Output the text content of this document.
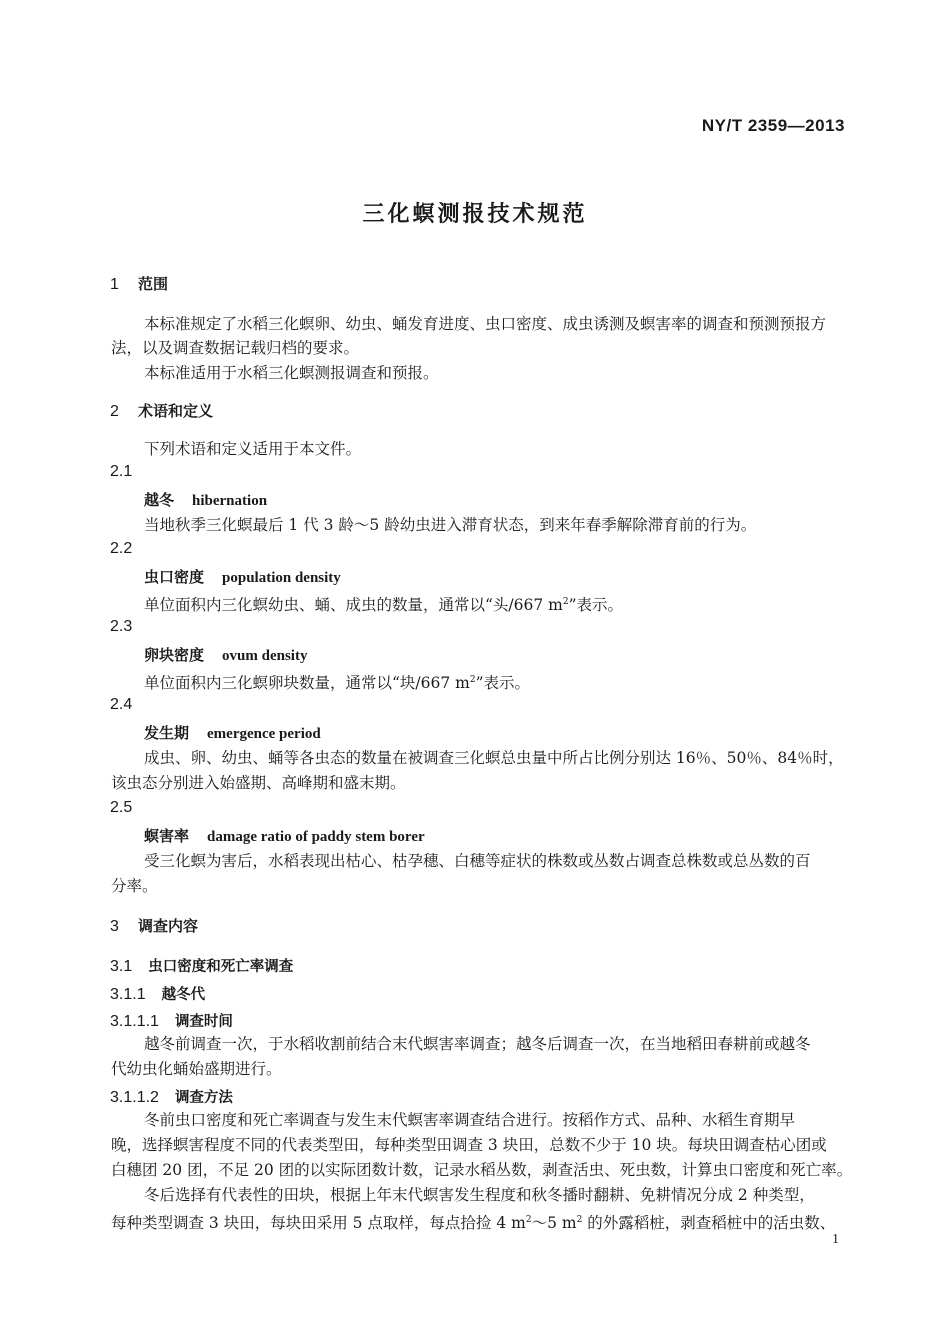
NY/T 2359—2013
三化螟测报技术规范
1 范围
本标准规定了水稻三化螟卵、幼虫、蛹发育进度、虫口密度、成虫诱测及螟害率的调查和预测预报方
法，以及调查数据记载归档的要求。
本标准适用于水稻三化螟测报调查和预报。
2 术语和定义
下列术语和定义适用于本文件。
2.1
越冬 hibernation
当地秋季三化螟最后 1 代 3 龄～5 龄幼虫进入滞育状态，到来年春季解除滞育前的行为。
2.2
虫口密度 population density
单位面积内三化螟幼虫、蛹、成虫的数量，通常以“头/667 $m^2$”表示。
2.3
卵块密度 ovum density
单位面积内三化螟卵块数量，通常以“块/667 $m^2$”表示。
2.4
发生期 emergence period
成虫、卵、幼虫、蛹等各虫态的数量在被调查三化螟总虫量中所占比例分别达 16％、50％、84％时，
该虫态分别进入始盛期、高峰期和盛末期。
2.5
螟害率 damage ratio of paddy stem borer
受三化螟为害后，水稻表现出枯心、枯孕穗、白穗等症状的株数或丛数占调查总株数或总丛数的百
分率。
3 调查内容
3.1 虫口密度和死亡率调查
3.1.1 越冬代
3.1.1.1 调查时间
越冬前调查一次，于水稻收割前结合末代螟害率调查；越冬后调查一次，在当地稻田春耕前或越冬
代幼虫化蛹始盛期进行。
3.1.1.2 调查方法
冬前虫口密度和死亡率调查与发生末代螟害率调查结合进行。按稻作方式、品种、水稻生育期早
晚，选择螟害程度不同的代表类型田，每种类型田调查 3 块田，总数不少于 10 块。每块田调查枯心团或
白穗团 20 团，不足 20 团的以实际团数计数，记录水稻丛数，剥查活虫、死虫数，计算虫口密度和死亡率。
冬后选择有代表性的田块，根据上年末代螟害发生程度和秋冬播时翻耕、免耕情况分成 2 种类型，
每种类型调查 3 块田，每块田采用 5 点取样，每点拾捡 4 $m^2\sim 5$ $m^2$ 的外露稻桩，剥查稻桩中的活虫数、
1
